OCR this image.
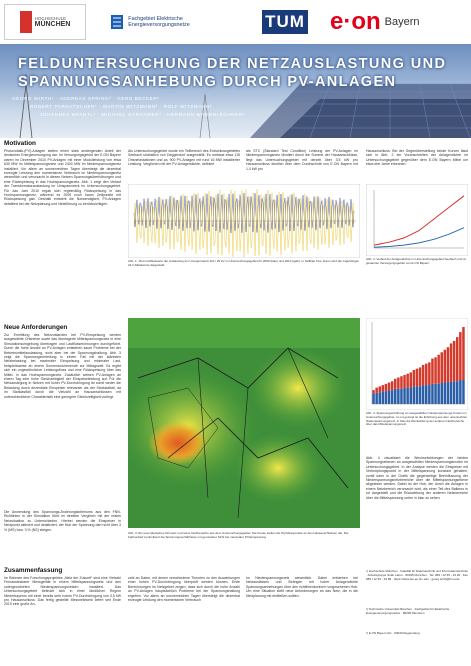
HOCHSCHULE
MÜNCHEN
Fachgebiet Elektrische
Energieversorgungsnetze	TUM e·on Bayern
FELDUNTERSUCHUNG DER NETZAUSLASTUNG UND
SPANNUNGSANHEBUNG DURCH PV-ANLAGEN
GEORG WIRTH¹ · ANDREAS SPRING² · GERD BECKER¹
ROBERT PARDATSCHER¹ · MARTIN WITZMANN³ · ROLF WITZMANN²
JOHANNES BRANTL³ · MICHAEL GARHAMER³ · HERMANN WAGENLECHNER⁴
Motivation
Photovoltaik-(PV)-Anlagen stellen einen stark ansteigenden Anteil der deutschen Energieversorgung dar. Im Versorgungsgebiet der E.ON Bayern waren im Dezember 2010 PV-Anlagen mit einer Modulleistung von etwa 630 MW im Mittelspannungsnetz und 2400 MW im Niederspannungsnetz installiert. Vor allem an sonnenreichen Tagen übersteigt die dezentral erzeugte Leistung den momentanen Verbrauch im Niederspannungsnetz wesentlich und verursacht in diesen Netzen Spannungsüberhöhungen und eine Rückspeisung in das Hochspannungsnetz. Abb. 1 zeigt den Verlauf der Transformatorauslastung im Umspannwerk im Untersuchungsgebiet. Für das Jahr 2010 ergab sich regelmäßig Rückspeisung in das Hochspannungsnetz, während es 2009 noch kaum Zeitpunkte mit Rückspeisung gab. Deshalb entsteht die Notwendigkeit, PV-Anlagen detailliert bei der Netzplanung und Netzführung zu berücksichtigen.
Als Untersuchungsgebiet wurde ein Teilbereich des Erdschlussgebietes Seebach südöstlich von Deggendorf ausgewählt. Es umfasst etwa 115 Ortsnetzstationen und ca. 900 PV-Anlagen mit rund 16 MW installierter Leistung. Verglichen mit der PV-Anlagendichte, definiert
als STC (Standard Test Condition) Leistung der PV-Anlagen im Niederspannungsnetz dividiert durch die Summe der Hausanschlüsse, liegt das Untersuchungsgebiet mit derzeit über 3,5 kW pro Hausanschluss deutlich über dem Durchschnitt von E.ON Bayern mit 1,4 kW pro
Hausanschluss. Bei der Gegenüberstellung beider Kurven lässt sich in Abb. 2 ein Voranschreiten der Anlagendichte im Untersuchungsgebiet gegenüber dem E.ON Bayern Mittel um etwa drei Jahre erkennen.
Abb. 1: 15-min-Mittelwerte der Auslastung am Umspannwerk 110 / 20 kV im Untersuchungsgebiet für 2009 (blau) und 2010 (gelb). In hellblau bzw. braun sind die zugehörigen 24-h-Mittelwerte dargestellt.
Abb. 2: Verlauf der Anlagendichte im Untersuchungsgebiet Seebach und im gesamten Versorgungsgebiet von E.ON Bayern.
Neue Anforderungen
Zur Ermittlung des Netzzustandes bei PV-Einspeisung werden ausgewählte Ortsnetze sowie das überlagerte Mittelspannungsnetz in eine Simulationsumgebung übertragen und Lastflussrechnungen durchgeführt. Durch die hohe Anzahl an PV-Anlagen entstehen kaum Probleme bei der Betriebsmittelauslastung, wohl aber bei der Spannungshaltung. Abb. 3 zeigt die Spannungsverteilung in einem Fall mit der stärksten Netzbelastung bei maximaler Einspeisung und minimaler Last, beispielsweise an einem Sonnenwochenende zur Mittagszeit. Es ergibt sich ein ungewöhnlicher Leistungsfluss und eine Rückspeisung über das Mittel- in das Hochspannungsnetz. Zusätzlich weisen PV-Anlagen an einem Tag eine hohe Gleichzeitigkeit der Einspeiseleistung auf. Für die Netzauslegung in Netzen mit hoher PV-Durchdringung ist somit weder die Belastung durch dezentrale Einspeiser relevanter als der Starklastfall, da im Starklastfall durch die Vielzahl an Hausanschlüssen mit unterschiedlicher Charakteristik eine geringere Gleichzeitigkeit vorliegt.
Die Anwendung des Spannungs-Änderungskriteriums aus den FNN-Richtlinien in der Simulation führt im direkten Vergleich mit der realen Netzsituation zu Unterschieden. Hierbei werden die Einspeiser in Netzpunkt aktiviert und deaktiviert, der Hub der Spannung darf nicht über 3 % (MS) bzw. 3 % (NS) steigen.
Abb. 3: Ein exemplarisches Ortsnetz und seine Netzbereiche aus dem Untersuchungsgebiet. Die Kreise stellen die PQ-Messpunkte an den Hausanschlüssen dar. Der Farbverlauf symbolisiert die Spannungsverhältnisse mit gerundeter Sicht bei maximaler PV-Einspeisung.
Abb. 4: Spannungserhöhung an ausgewählten Niederspannungs-Knoten im Untersuchungsgebiet. Im rot gezeigt ist die Erhöhung aus dem untersuchten Niederspannungsnetz, in blau die Rückwirkung der anderen Netzbereiche über das Mittelspannungsnetz.
Abb. 4 visualisiert die Wechselwirkungen der beiden Spannungsebenen an ausgewählten Niederspannungsknoten im Untersuchungsgebiet. In der Analyse werden die Einspeiser mit Verknüpfungspunkt in der Mittelspannung konstant gehalten, somit kann in der Grafik die gegenseitige Beeinflussung der Niederspannungsnetzbereiche über die Mittelspannungsebene abgelesen werden. Dabei ist der Hub, der durch die Anlagen in einem Netzbereich verursacht wird, als einer Teil des Balkens in rot dargestellt und die Rückwirkung der anderen Netzbereiche über die Mittelspannung unten in blau zu sehen.
Zusammenfassung
Im Rahmen des Forschungsprojektes „Netz der Zukunft“ sind eine Vielzahl Fernauslesbarer Messgeräte in einem Mittelspannungsnetz und den untergeordneten Niederspannungsnetzen installiert. Das Untersuchungsgebiet befindet sich in einer ländlichen Region Niederbayerns mit einer bereits sehr hohen PV-Durchdringung von 3,5 kW pro Hausanschluss. Das fertig gestellte Messnetzwerk liefert seit Ende 2010 eine große An-
zahl an Daten, mit denen verschiedene Theorien zu den Auswirkungen einer hohen PV-Durchdringung überprüft werden können. Erste Berechnungen im Netzgebiet zeigen, dass sich durch die hohe Anzahl an PV-Anlagen hauptsächlich Probleme bei der Spannungshaltung ergeben. Vor allem an sonnenreichen Tagen übersteigt die dezentral erzeugte Leistung den momentanen Verbrauch
im Niederspannungsnetz wesentlich. Dabei entstehen bei Netzauslässen und Strängen mit hoher Anlagendichte Spannungsanhebungen über den richtlinienkonform vorgesehenen Hub. Um eine Situation stellt neue Anforderungen an das Netz, die in die Netzplanung mit einfließen sollten.
¹) Hochschule München · Fakultät für Elektrotechnik und Informationstechnik · Arbeitsgruppe Solar Labor · 80335 München · Tel. 089 / 12 65 - 34 26 · Fax 089 / 12 65 - 34 89 · https://www.lse.ee.hm.edu · georg.wirth@hm.edu
²) Technische Universität München · Fachgebiet für Elektrische Energieversorgungsnetze · 80290 München
³) E.ON Bayern AG · 93049 Regensburg
